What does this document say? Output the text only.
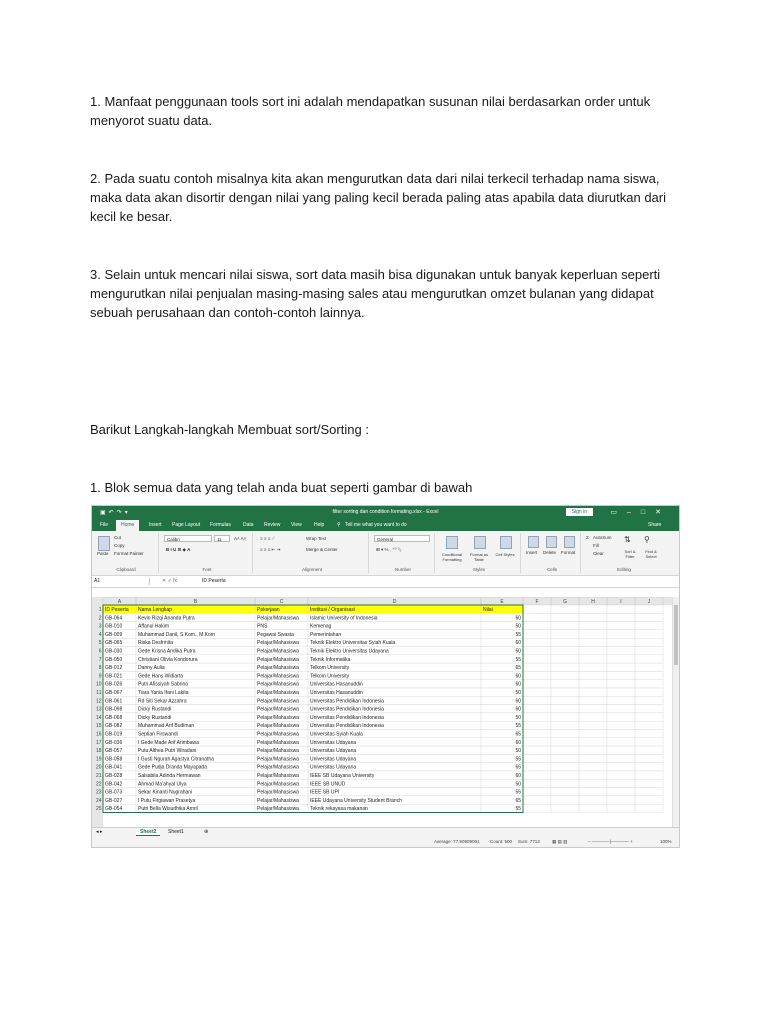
1. Manfaat penggunaan tools sort ini adalah mendapatkan susunan nilai berdasarkan order untuk menyorot suatu data.

2. Pada suatu contoh misalnya kita akan mengurutkan data dari nilai terkecil terhadap nama siswa, maka data akan disortir dengan nilai yang paling kecil berada paling atas apabila data diurutkan dari kecil ke besar.

3. Selain untuk mencari nilai siswa, sort data masih bisa digunakan untuk banyak keperluan seperti mengurutkan nilai penjualan masing-masing sales atau mengurutkan omzet bulanan yang didapat sebuah perusahaan dan contoh-contoh lainnya.

Barikut Langkah-langkah Membuat sort/Sorting :

1. Blok semua data yang telah anda buat seperti gambar di bawah

▣↶↷▾	filter sorting dan condition formating.xlsx - Excel	Sign in	▭–□✕
File	Home	Insert Page Layout Formulas Data Review View Help	⚲ Tell me what you want to do	Share
Paste
Cut
Copy
Format Painter
Clipboard
Calibri	11	A˄ A˅
B I U ⊞ ◆ A
Font
≡ ≡ ≡ ⟋
≡ ≡ ≡ ⇤ ⇥
Wrap Text
Merge & Center
Alignment
General
⊞ ▾ % , ⁺⁰ ⁰₀
Number
Conditional Formatting
Format as Table
Cell Styles
Styles
Insert Delete Format
Cells
Σ AutoSum
Fill
Clear
⇅ ⚲
Sort & Filter
Find & Select
Editing
A1	✕ ✓ fx	ID Peserta
A	B	C	D	E	F	G	H	I	J
1 ID Peserta Nama Lengkap	Pekerjaan	Institusi / Organisasi	Nilai
2 GB-064	Kevin Rizqi Ananda Putra	Pelajar/Mahasiswa Islamic University of Indonesia	60
3 GB-010	Affanul Hakim	PNS	Kemenag	50
4 GB-009	Muhammad Danil, S.Kom., M.Kom	Pegawai Swasta	Pemerintahan	55
5 GB-065	Riska Desfrinita	Pelajar/Mahasiswa Teknik Elektro Universitas Syiah Kuala	60
6 GB-030	Gede Krisna Andika Putra	Pelajar/Mahasiswa Teknik Elektro Universitas Udayana	50
7 GB-050	Christiani Olivia Kondorura	Pelajar/Mahasiswa Teknik Informatika	55
8 GB-012	Danny Aulia	Pelajar/Mahasiswa Telkom University	65
9 GB-021	Gede Hans Widiarta	Pelajar/Mahasiswa Telkom University	60
10 GB-026	Putri Afissiyah Sabrina	Pelajar/Mahasiswa Universitas Hasanuddin	60
11 GB-067	Tiara Yania Ifani Lakita	Pelajar/Mahasiswa Universitas Hasanuddin	50
12 GB-061	Rd Siti Sekar Azzahra	Pelajar/Mahasiswa Universitas Pendidikan Indonesia	60
13 GB-098	Dicky Rustandi	Pelajar/Mahasiswa Universitas Pendidikan Indonesia	60
14 GB-068	Dicky Rustandi	Pelajar/Mahasiswa Universitas Pendidikan Indonesia	50
15 GB-082	Muhammad Arif Budiman	Pelajar/Mahasiswa Universitas Pendidikan Indonesia	55
16 GB-019	Septian Firswandi	Pelajar/Mahasiswa Universitas Syiah Kuala	65
17 GB-036	I Gede Made Arif Arimbawa	Pelajar/Mahasiswa Universitas Udayana	60
18 GB-057	Putu Althea Putri Wiradani	Pelajar/Mahasiswa Universitas Udayana	50
19 GB-058	I Gusti Ngurah Agastya Citranatha	Pelajar/Mahasiswa Universitas Udayana	55
20 GB-041	Gede Pudja Dranda Mayapada	Pelajar/Mahasiswa Universitas Udayana	65
21 GB-028	Salsabila Adinda Hermawan	Pelajar/Mahasiswa IEEE SB Udayana University	60
22 GB-042	Ahmad Ma'ahyal Ulya	Pelajar/Mahasiswa IEEE SB UNUD	50
23 GB-073	Sekar Kinanti Nugrahani	Pelajar/Mahasiswa IEEE SB UPI	55
24 GB-027	I Putu Firgiawan Prasetya	Pelajar/Mahasiswa IEEE Udayana University Student Branch	65
25 GB-054	Putri Bella Wisudhika Amril	Pelajar/Mahasiswa Teknik rekayasa makanan	55
◂ ▸	Sheet2	Sheet1	⊕
Average: 77.90909091 Count: 500 Sum: 7713	▦ ▤ ▥	– ————|———— +	100%
